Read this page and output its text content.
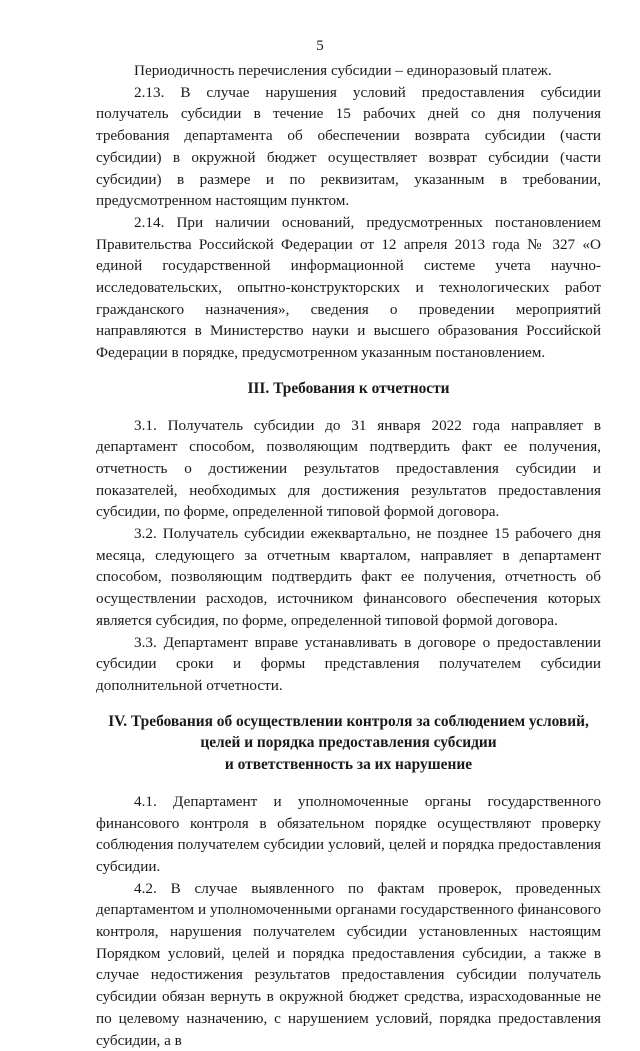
5

Периодичность перечисления субсидии – единоразовый платеж.

2.13. В случае нарушения условий предоставления субсидии получатель субсидии в течение 15 рабочих дней со дня получения требования департамента об обеспечении возврата субсидии (части субсидии) в окружной бюджет осуществляет возврат субсидии (части субсидии) в размере и по реквизитам, указанным в требовании, предусмотренном настоящим пунктом.

2.14. При наличии оснований, предусмотренных постановлением Правительства Российской Федерации от 12 апреля 2013 года № 327 «О единой государственной информационной системе учета научно-исследовательских, опытно-конструкторских и технологических работ гражданского назначения», сведения о проведении мероприятий направляются в Министерство науки и высшего образования Российской Федерации в порядке, предусмотренном указанным постановлением.

III. Требования к отчетности

3.1. Получатель субсидии до 31 января 2022 года направляет в департамент способом, позволяющим подтвердить факт ее получения, отчетность о достижении результатов предоставления субсидии и показателей, необходимых для достижения результатов предоставления субсидии, по форме, определенной типовой формой договора.

3.2. Получатель субсидии ежеквартально, не позднее 15 рабочего дня месяца, следующего за отчетным кварталом, направляет в департамент способом, позволяющим подтвердить факт ее получения, отчетность об осуществлении расходов, источником финансового обеспечения которых является субсидия, по форме, определенной типовой формой договора.

3.3. Департамент вправе устанавливать в договоре о предоставлении субсидии сроки и формы представления получателем субсидии дополнительной отчетности.

IV. Требования об осуществлении контроля за соблюдением условий,
целей и порядка предоставления субсидии
и ответственность за их нарушение

4.1. Департамент и уполномоченные органы государственного финансового контроля в обязательном порядке осуществляют проверку соблюдения получателем субсидии условий, целей и порядка предоставления субсидии.

4.2. В случае выявленного по фактам проверок, проведенных департаментом и уполномоченными органами государственного финансового контроля, нарушения получателем субсидии установленных настоящим Порядком условий, целей и порядка предоставления субсидии, а также в случае недостижения результатов предоставления субсидии получатель субсидии обязан вернуть в окружной бюджет средства, израсходованные не по целевому назначению, с нарушением условий, порядка предоставления субсидии, а в
